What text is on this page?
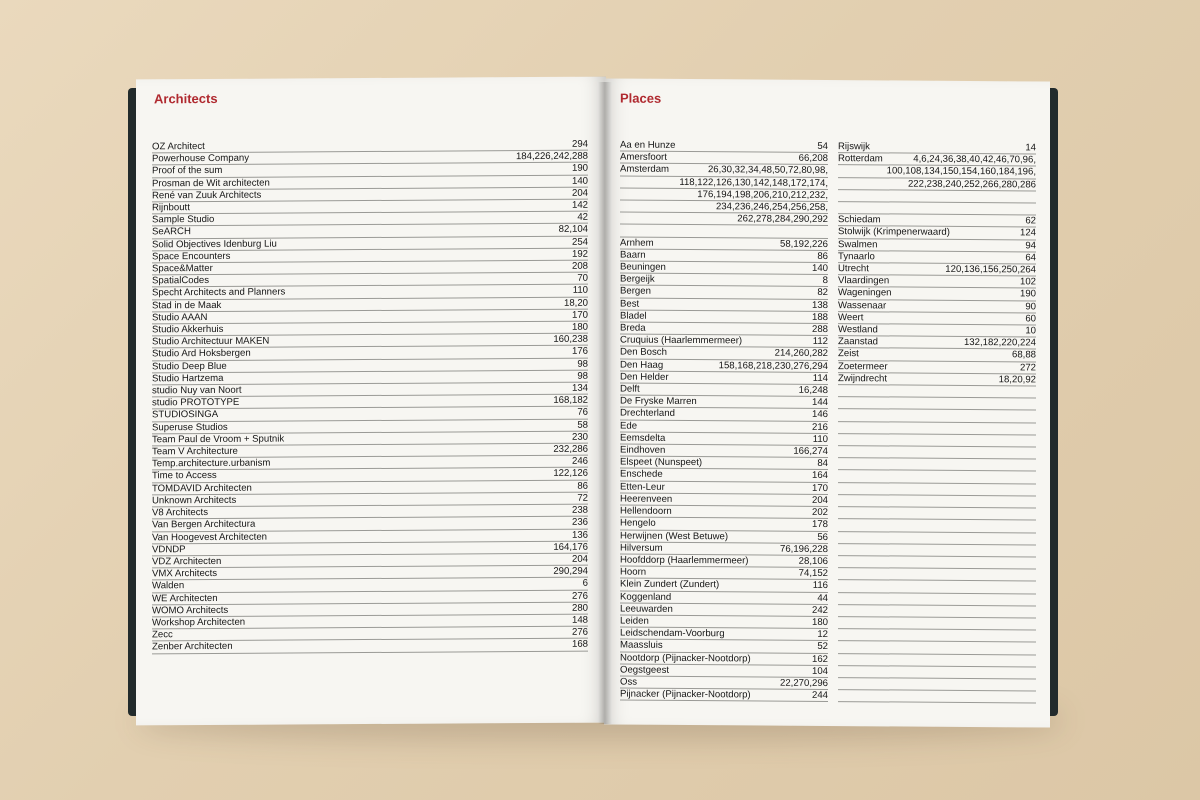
Architects
OZ Architect	294
Powerhouse Company	184,226,242,288
Proof of the sum	190
Prosman de Wit architecten	140
René van Zuuk Architects	204
Rijnboutt	142
Sample Studio	42
SeARCH	82,104
Solid Objectives Idenburg Liu	254
Space Encounters	192
Space&Matter	208
SpatialCodes	70
Specht Architects and Planners	110
Stad in de Maak	18,20
Studio AAAN	170
Studio Akkerhuis	180
Studio Architectuur MAKEN	160,238
Studio Ard Hoksbergen	176
Studio Deep Blue	98
Studio Hartzema	98
studio Nuy van Noort	134
studio PROTOTYPE	168,182
STUDIOSINGA	76
Superuse Studios	58
Team Paul de Vroom + Sputnik	230
Team V Architecture	232,286
Temp.architecture.urbanism	246
Time to Access	122,126
TOMDAVID Architecten	86
Unknown Architects	72
V8 Architects	238
Van Bergen Architectura	236
Van Hoogevest Architecten	136
VDNDP	164,176
VDZ Architecten	204
VMX Architects	290,294
Walden	6
WE Architecten	276
WOMO Architects	280
Workshop Architecten	148
Zecc	276
Zenber Architecten	168
Places
Aa en Hunze	54
Amersfoort	66,208
Amsterdam	26,30,32,34,48,50,72,80,98,

118,122,126,130,142,148,172,174,

176,194,198,206,210,212,232,

234,236,246,254,256,258,

262,278,284,290,292

Arnhem	58,192,226
Baarn	86
Beuningen	140
Bergeijk	8
Bergen	82
Best	138
Bladel	188
Breda	288
Cruquius (Haarlemmermeer)	112
Den Bosch	214,260,282
Den Haag	158,168,218,230,276,294
Den Helder	114
Delft	16,248
De Fryske Marren	144
Drechterland	146
Ede	216
Eemsdelta	110
Eindhoven	166,274
Elspeet (Nunspeet)	84
Enschede	164
Etten-Leur	170
Heerenveen	204
Hellendoorn	202
Hengelo	178
Herwijnen (West Betuwe)	56
Hilversum	76,196,228
Hoofddorp (Haarlemmermeer)	28,106
Hoorn	74,152
Klein Zundert (Zundert)	116
Koggenland	44
Leeuwarden	242
Leiden	180
Leidschendam-Voorburg	12
Maassluis	52
Nootdorp (Pijnacker-Nootdorp)	162
Oegstgeest	104
Oss	22,270,296
Pijnacker (Pijnacker-Nootdorp)	244
Rijswijk	14
Rotterdam	4,6,24,36,38,40,42,46,70,96,

100,108,134,150,154,160,184,196,

222,238,240,252,266,280,286

Schiedam	62
Stolwijk (Krimpenerwaard)	124
Swalmen	94
Tynaarlo	64
Utrecht	120,136,156,250,264
Vlaardingen	102
Wageningen	190
Wassenaar	90
Weert	60
Westland	10
Zaanstad	132,182,220,224
Zeist	68,88
Zoetermeer	272
Zwijndrecht	18,20,92
